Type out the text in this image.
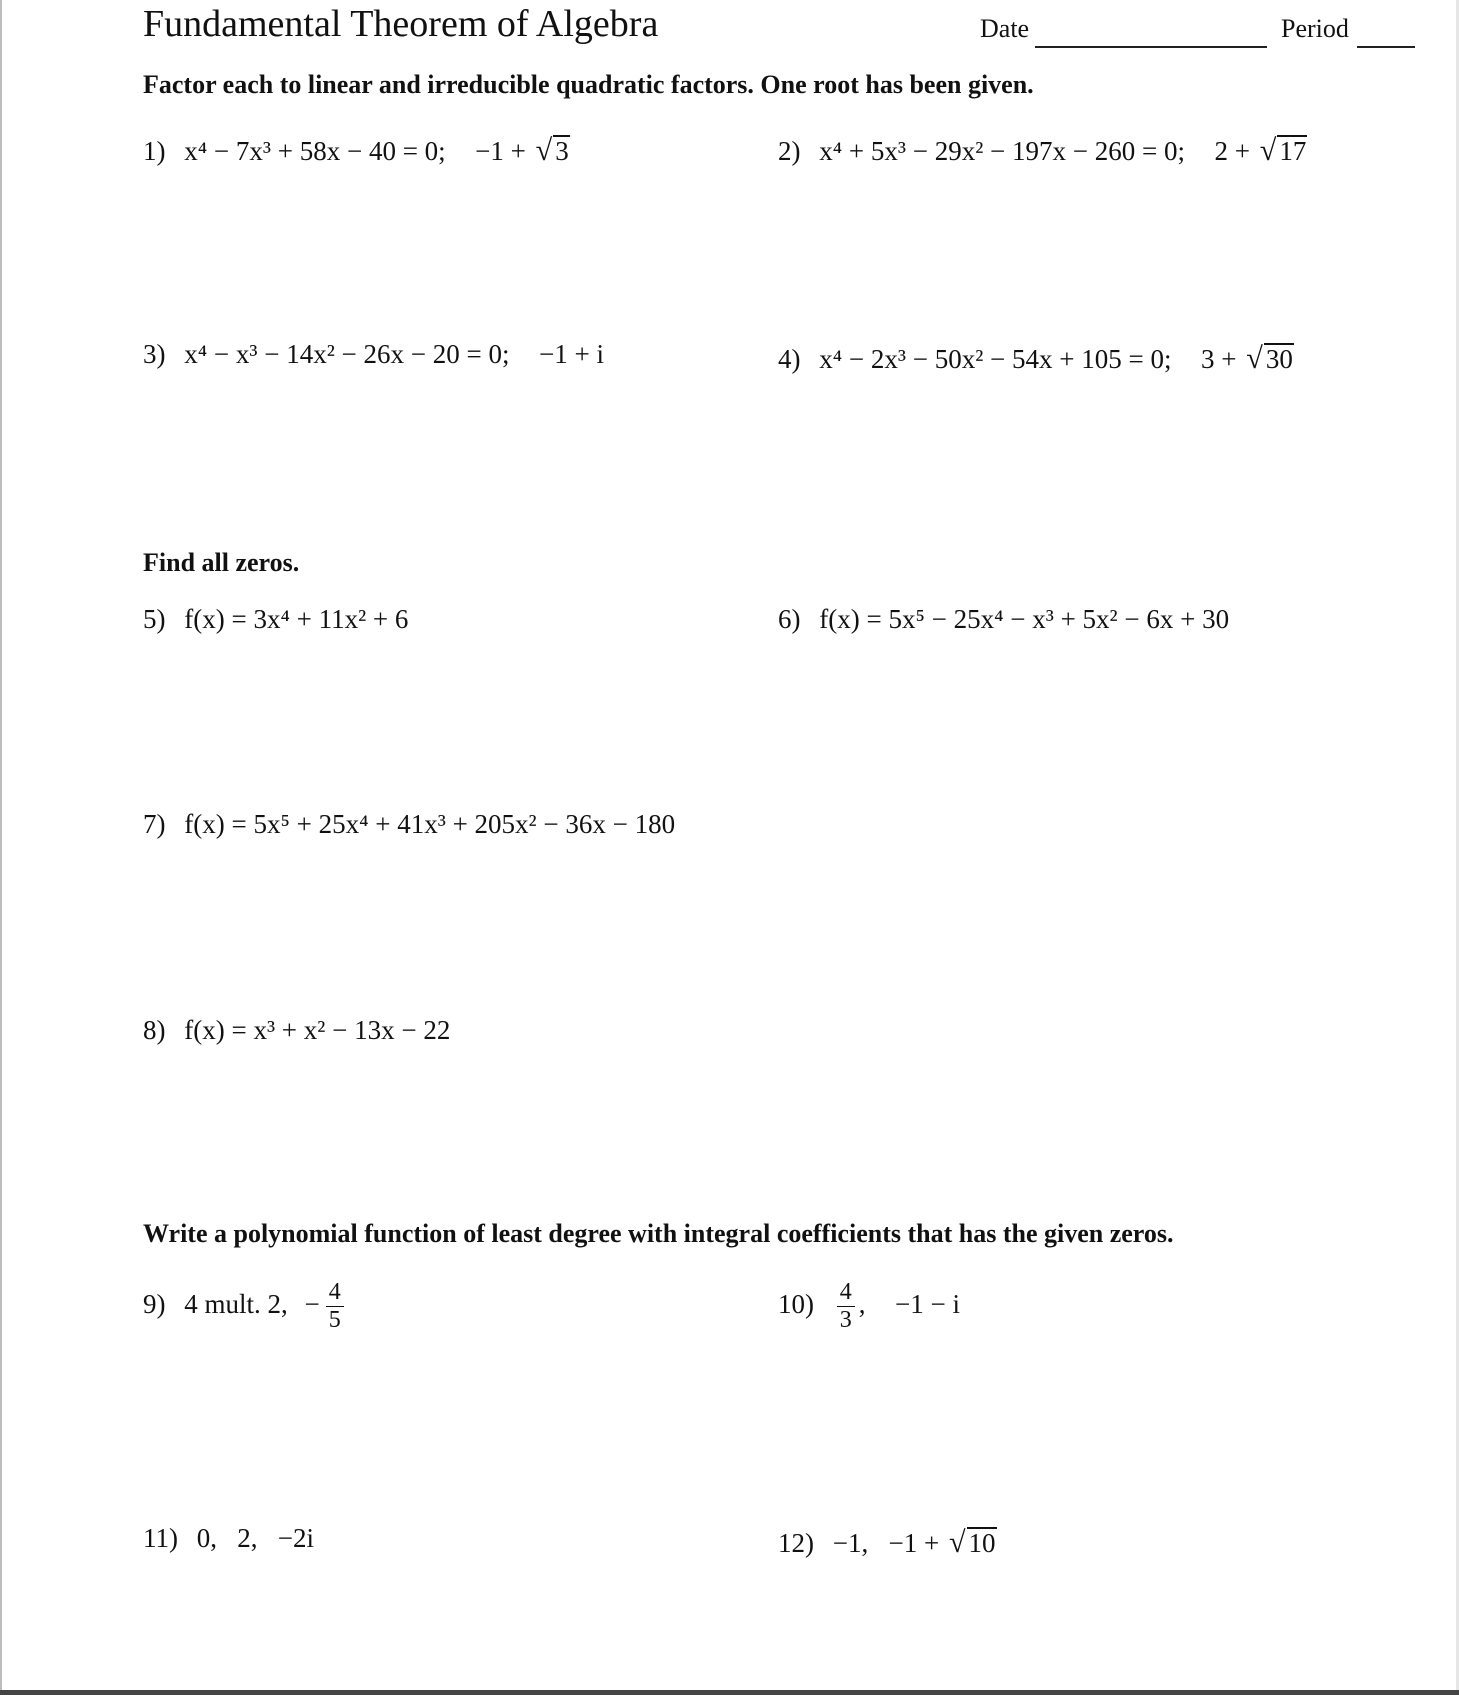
Fundamental Theorem of Algebra	Date	Period
Factor each to linear and irreducible quadratic factors. One root has been given.
1) x⁴ − 7x³ + 58x − 40 = 0; −1 + √ 3	2) x⁴ + 5x³ − 29x² − 197x − 260 = 0; 2 + √ 17
3) x⁴ − x³ − 14x² − 26x − 20 = 0; −1 + i	4) x⁴ − 2x³ − 50x² − 54x + 105 = 0; 3 + √ 30
Find all zeros.
5) f(x) = 3x⁴ + 11x² + 6	6) f(x) = 5x⁵ − 25x⁴ − x³ + 5x² − 6x + 30
7) f(x) = 5x⁵ + 25x⁴ + 41x³ + 205x² − 36x − 180
8) f(x) = x³ + x² − 13x − 22
Write a polynomial function of least degree with integral coefficients that has the given zeros.
9) 4 mult. 2, − $\frac{4}{5}$	$10) \frac{4}{3}$ , −1 − i
11) 0,   2,   −2i	12) −1,   −1 + √ 10
